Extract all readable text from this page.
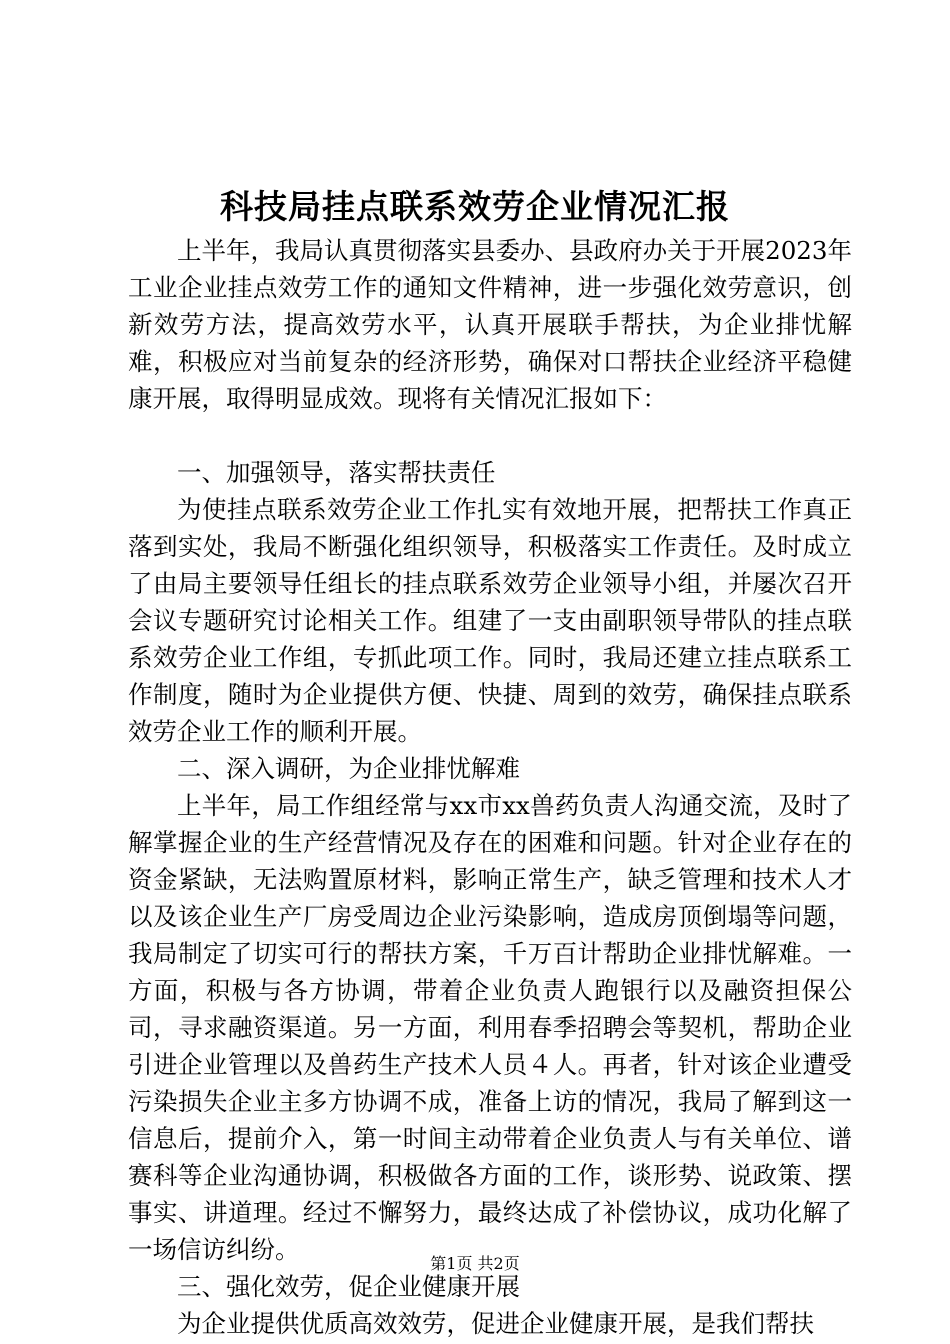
科技局挂点联系效劳企业情况汇报

上半年，我局认真贯彻落实县委办、县政府办关于开展2023年工业企业挂点效劳工作的通知文件精神，进一步强化效劳意识，创新效劳方法，提高效劳水平，认真开展联手帮扶，为企业排忧解难，积极应对当前复杂的经济形势，确保对口帮扶企业经济平稳健康开展，取得明显成效。现将有关情况汇报如下：

一、加强领导，落实帮扶责任

为使挂点联系效劳企业工作扎实有效地开展，把帮扶工作真正落到实处，我局不断强化组织领导，积极落实工作责任。及时成立了由局主要领导任组长的挂点联系效劳企业领导小组，并屡次召开会议专题研究讨论相关工作。组建了一支由副职领导带队的挂点联系效劳企业工作组，专抓此项工作。同时，我局还建立挂点联系工作制度，随时为企业提供方便、快捷、周到的效劳，确保挂点联系效劳企业工作的顺利开展。

二、深入调研，为企业排忧解难

上半年，局工作组经常与xx市xx兽药负责人沟通交流，及时了解掌握企业的生产经营情况及存在的困难和问题。针对企业存在的资金紧缺，无法购置原材料，影响正常生产，缺乏管理和技术人才以及该企业生产厂房受周边企业污染影响，造成房顶倒塌等问题，我局制定了切实可行的帮扶方案，千万百计帮助企业排忧解难。一方面，积极与各方协调，带着企业负责人跑银行以及融资担保公司，寻求融资渠道。另一方面，利用春季招聘会等契机，帮助企业引进企业管理以及兽药生产技术人员４人。再者，针对该企业遭受污染损失企业主多方协调不成，准备上访的情况，我局了解到这一信息后，提前介入，第一时间主动带着企业负责人与有关单位、谱赛科等企业沟通协调，积极做各方面的工作，谈形势、说政策、摆事实、讲道理。经过不懈努力，最终达成了补偿协议，成功化解了一场信访纠纷。

三、强化效劳，促企业健康开展

为企业提供优质高效效劳，促进企业健康开展，是我们帮扶

第1页 共2页
